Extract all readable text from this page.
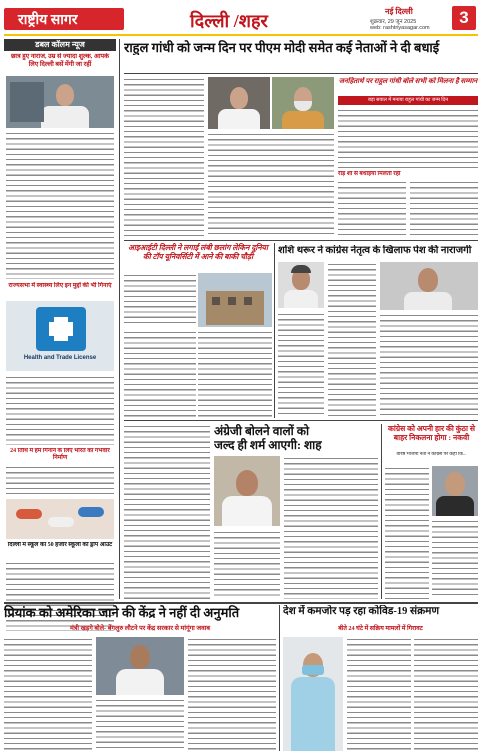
राष्ट्रीय सागर	दिल्ली /शहर	नई दिल्ली
शुक्रवार, 29 जून 2025
web: rashtriyasagar.com
3
डबल कॉलम न्यूज
छात्र हुए नाराज, उम्र से ज्यादा शुल्क, आपके लिए दिल्ली बसें मेंगी जा रहीं
राज्यसभा में स्वास्थ्य लिए इन मुद्दों की भी गिनाएं
Health and Trade License
24 तिथि में हम गिनाने के लिए भारत का गर्भवार निर्माण
दिल्ली में स्कूल का 50 हजार स्कूलों को ड्रॉप आउट
राहुल गांधी को जन्म दिन पर पीएम मोदी समेत कई नेताओं ने दी बधाई
जनहितार्थ पर राहुल गांधी बोले सभी को मिलना है सम्मान
बड़ा सवाल में मनाया राहुल गांधी का जन्म दिन
रोड़ शो से बधाईयां मिलती रहीं
आइआईटी दिल्ली ने लगाई लंबी छलांग लेकिन दुनिया की टॉप यूनिवर्सिटी में आने की बाकी चौड़ी
शशि थरूर ने कांग्रेस नेतृत्व के खिलाफ पेश की नाराजगी
अंग्रेजी बोलने वालों को
जल्द ही शर्म आएगी: शाह
कांग्रेस को अपनी हार की कुंठा से बाहर निकलना होगा : नकवी
वरिष्ठ भाजपा नेता ने कांग्रेस पर कहा कि...
प्रियांक को अमेरिका जाने की केंद्र ने नहीं दी अनुमति
मंत्री खड़गे बोले- बेंगलुरु लौटने पर केंद्र सरकार से मांगूंगा जवाब
देश में कमजोर पड़ रहा कोविड-19 संक्रमण
बीते 24 घंटे में सक्रिय मामलों में गिरावट
